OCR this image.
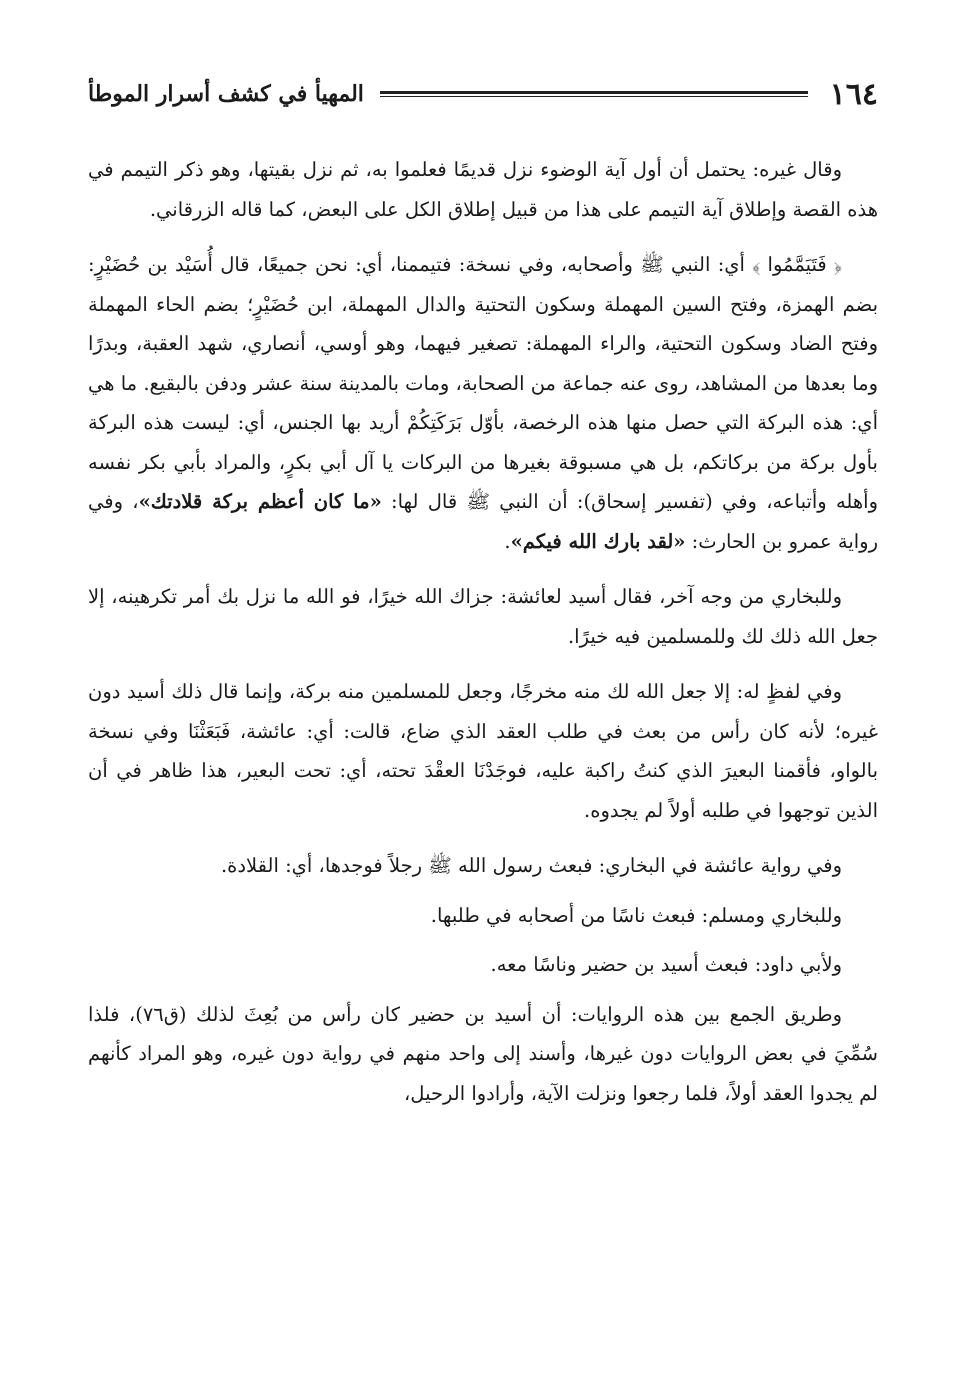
١٦٤
المهيأ في كشف أسرار الموطأ

وقال غيره: يحتمل أن أول آية الوضوء نزل قديمًا فعلموا به، ثم نزل بقيتها، وهو ذكر التيمم في هذه القصة وإطلاق آية التيمم على هذا من قبيل إطلاق الكل على البعض، كما قاله الزرقاني.

﴿ فَتَيَمَّمُوا ﴾ أي: النبي ﷺ وأصحابه، وفي نسخة: فتيممنا، أي: نحن جميعًا، قال أُسَيْد بن حُضَيْرٍ: بضم الهمزة، وفتح السين المهملة وسكون التحتية والدال المهملة، ابن حُضَيْرٍ؛ بضم الحاء المهملة وفتح الضاد وسكون التحتية، والراء المهملة: تصغير فيهما، وهو أوسي، أنصاري، شهد العقبة، وبدرًا وما بعدها من المشاهد، روى عنه جماعة من الصحابة، ومات بالمدينة سنة عشر ودفن بالبقيع. ما هي أي: هذه البركة التي حصل منها هذه الرخصة، بأوّل بَرَكَتِكُمْ أريد بها الجنس، أي: ليست هذه البركة بأول بركة من بركاتكم، بل هي مسبوقة بغيرها من البركات يا آل أبي بكرٍ، والمراد بأبي بكر نفسه وأهله وأتباعه، وفي (تفسير إسحاق): أن النبي ﷺ قال لها: «ما كان أعظم بركة قلادتك»، وفي رواية عمرو بن الحارث: «لقد بارك الله فيكم».

وللبخاري من وجه آخر، فقال أسيد لعائشة: جزاك الله خيرًا، فو الله ما نزل بك أمر تكرهينه، إلا جعل الله ذلك لك وللمسلمين فيه خيرًا.

وفي لفظٍ له: إلا جعل الله لك منه مخرجًا، وجعل للمسلمين منه بركة، وإنما قال ذلك أسيد دون غيره؛ لأنه كان رأس من بعث في طلب العقد الذي ضاع، قالت: أي: عائشة، فَبَعَثْنَا وفي نسخة بالواو، فأقمنا البعيرَ الذي كنتُ راكبة عليه، فوجَدْنَا العقْدَ تحته، أي: تحت البعير، هذا ظاهر في أن الذين توجهوا في طلبه أولاً لم يجدوه.

وفي رواية عائشة في البخاري: فبعث رسول الله ﷺ رجلاً فوجدها، أي: القلادة.

وللبخاري ومسلم: فبعث ناسًا من أصحابه في طلبها.

ولأبي داود: فبعث أسيد بن حضير وناسًا معه.

وطريق الجمع بين هذه الروايات: أن أسيد بن حضير كان رأس من بُعِثَ لذلك (ق٧٦)، فلذا سُمِّيَ في بعض الروايات دون غيرها، وأسند إلى واحد منهم في رواية دون غيره، وهو المراد كأنهم لم يجدوا العقد أولاً، فلما رجعوا ونزلت الآية، وأرادوا الرحيل،
